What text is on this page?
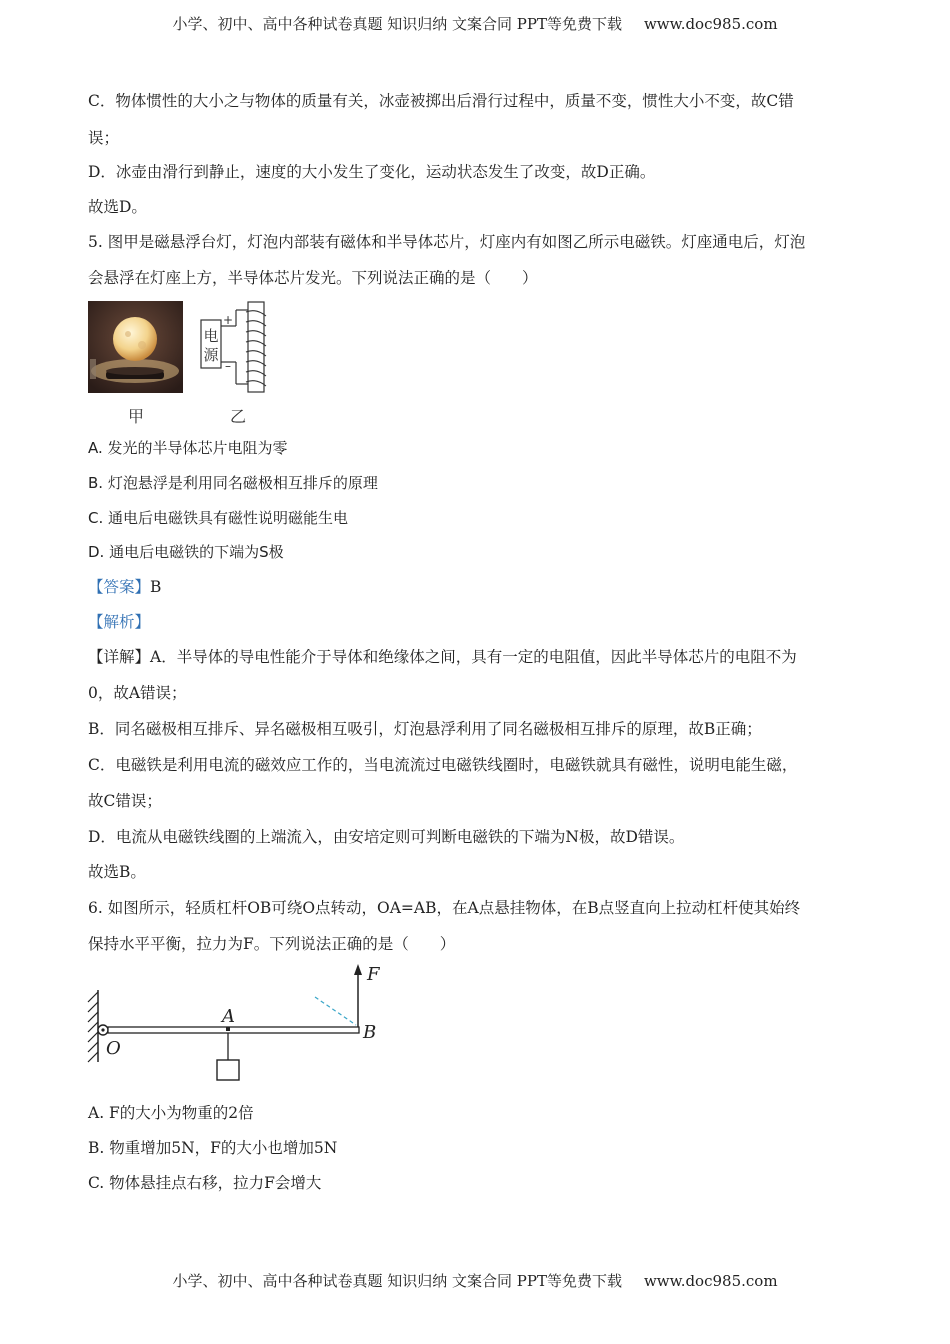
小学、初中、高中各种试卷真题 知识归纳 文案合同 PPT等免费下载 www.doc985.com
C．物体惯性的大小之与物体的质量有关，冰壶被掷出后滑行过程中，质量不变，惯性大小不变，故C错
误；
D．冰壶由滑行到静止，速度的大小发生了变化，运动状态发生了改变，故D正确。
故选D。
5. 图甲是磁悬浮台灯，灯泡内部装有磁体和半导体芯片，灯座内有如图乙所示电磁铁。灯座通电后，灯泡
会悬浮在灯座上方，半导体芯片发光。下列说法正确的是（　　）
电
源
+
–
甲	乙
A. 发光的半导体芯片电阻为零
B. 灯泡悬浮是利用同名磁极相互排斥的原理
C. 通电后电磁铁具有磁性说明磁能生电
D. 通电后电磁铁的下端为S极
【答案】B
【解析】
【详解】A．半导体的导电性能介于导体和绝缘体之间，具有一定的电阻值，因此半导体芯片的电阻不为
0，故A错误；
B．同名磁极相互排斥、异名磁极相互吸引，灯泡悬浮利用了同名磁极相互排斥的原理，故B正确；
C．电磁铁是利用电流的磁效应工作的，当电流流过电磁铁线圈时，电磁铁就具有磁性，说明电能生磁，
故C错误；
D．电流从电磁铁线圈的上端流入，由安培定则可判断电磁铁的下端为N极，故D错误。
故选B。
6. 如图所示，轻质杠杆OB可绕O点转动，OA=AB，在A点悬挂物体，在B点竖直向上拉动杠杆使其始终
保持水平平衡，拉力为F。下列说法正确的是（　　）
F
A
B
O
A. F的大小为物重的2倍
B. 物重增加5N，F的大小也增加5N
C. 物体悬挂点右移，拉力F会增大
小学、初中、高中各种试卷真题 知识归纳 文案合同 PPT等免费下载 www.doc985.com
